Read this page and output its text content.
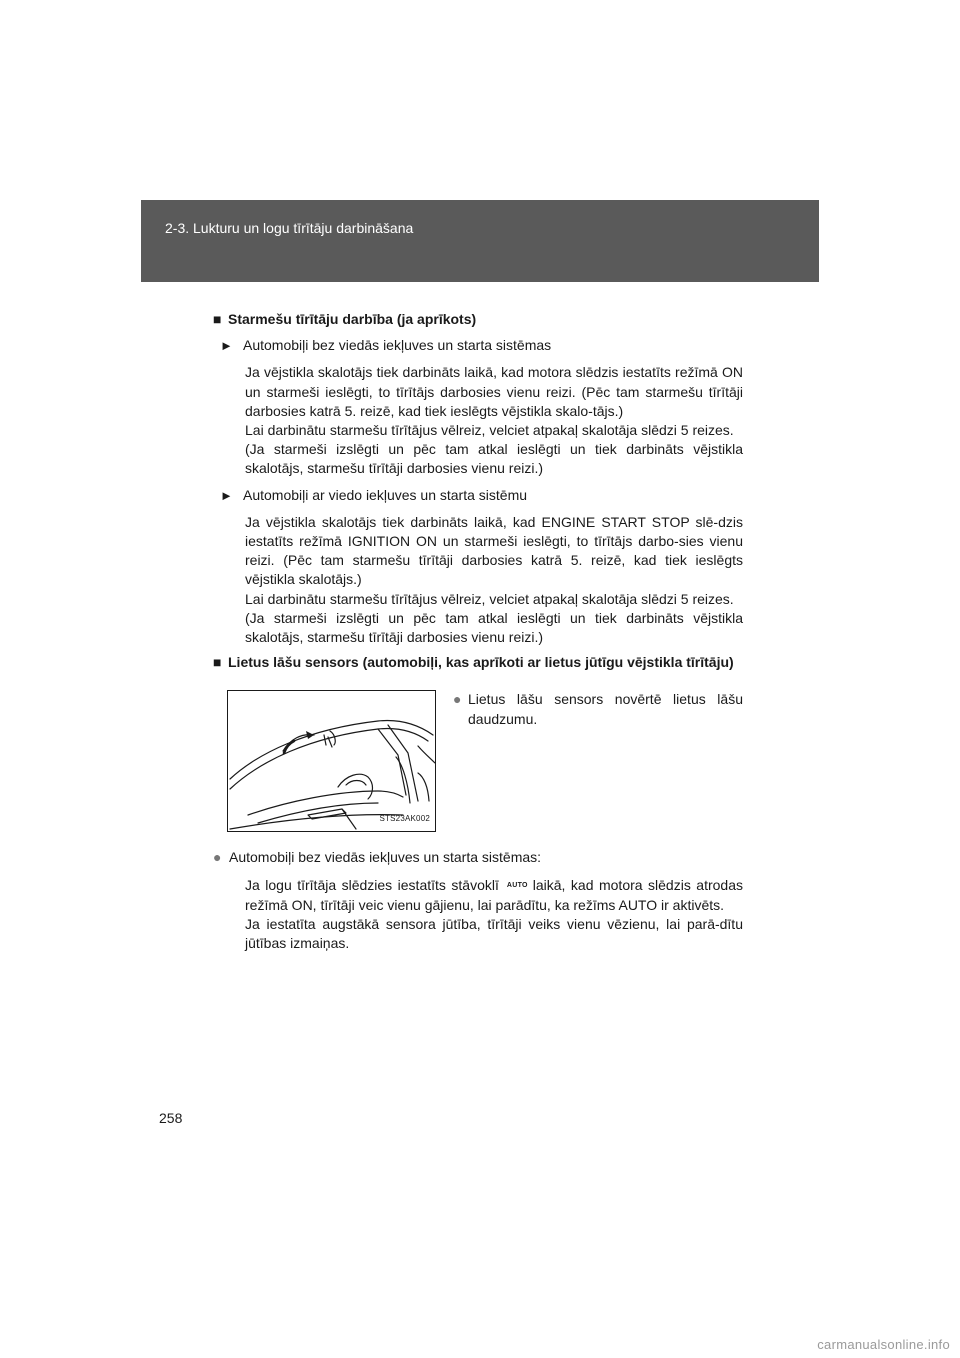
2-3. Lukturu un logu tīrītāju darbināšana
■ Starmešu tīrītāju darbība (ja aprīkots)
► Automobiļi bez viedās iekļuves un starta sistēmas

Ja vējstikla skalotājs tiek darbināts laikā, kad motora slēdzis iestatīts režīmā ON un starmeši ieslēgti, to tīrītājs darbosies vienu reizi. (Pēc tam starmešu tīrītāji darbosies katrā 5. reizē, kad tiek ieslēgts vējstikla skalo-tājs.)

Lai darbinātu starmešu tīrītājus vēlreiz, velciet atpakaļ skalotāja slēdzi 5 reizes.

(Ja starmeši izslēgti un pēc tam atkal ieslēgti un tiek darbināts vējstikla skalotājs, starmešu tīrītāji darbosies vienu reizi.)

► Automobiļi ar viedo iekļuves un starta sistēmu

Ja vējstikla skalotājs tiek darbināts laikā, kad ENGINE START STOP slē-dzis iestatīts režīmā IGNITION ON un starmeši ieslēgti, to tīrītājs darbo-sies vienu reizi. (Pēc tam starmešu tīrītāji darbosies katrā 5. reizē, kad tiek ieslēgts vējstikla skalotājs.)

Lai darbinātu starmešu tīrītājus vēlreiz, velciet atpakaļ skalotāja slēdzi 5 reizes.

(Ja starmeši izslēgti un pēc tam atkal ieslēgti un tiek darbināts vējstikla skalotājs, starmešu tīrītāji darbosies vienu reizi.)

■ Lietus lāšu sensors (automobiļi, kas aprīkoti ar lietus jūtīgu vējstikla tīrītāju)
STS23AK002
● Lietus lāšu sensors novērtē lietus lāšu daudzumu.
● Automobiļi bez viedās iekļuves un starta sistēmas:

Ja logu tīrītāja slēdzies iestatīts stāvoklī AUTO laikā, kad motora slēdzis atrodas režīmā ON, tīrītāji veic vienu gājienu, lai parādītu, ka režīms AUTO ir aktivēts.

Ja iestatīta augstākā sensora jūtība, tīrītāji veiks vienu vēzienu, lai parā-dītu jūtības izmaiņas.

258
carmanualsonline.info
